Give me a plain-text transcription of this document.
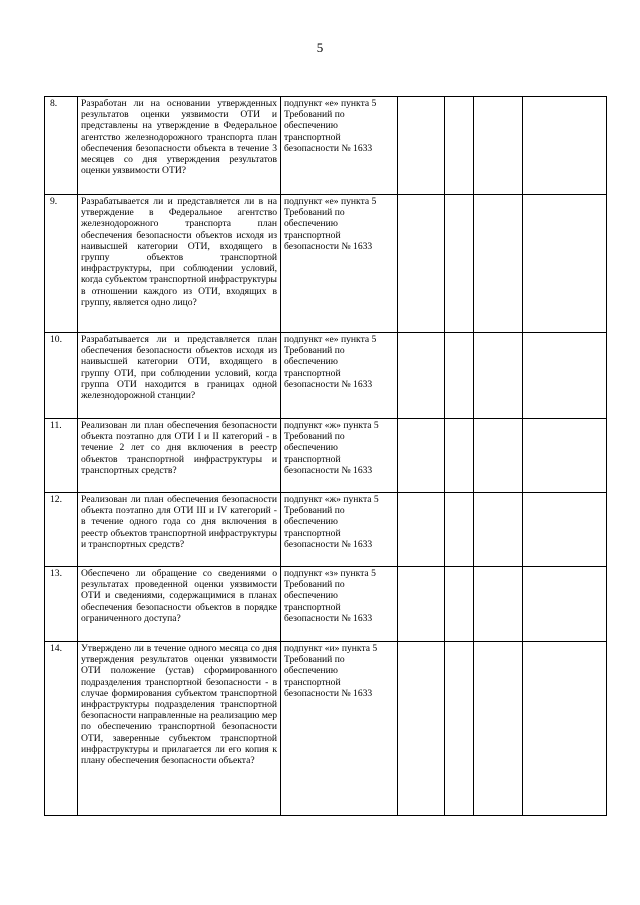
5
8.	Разработан ли на основании утвержденных результатов оценки уязвимости ОТИ и представлены на утверждение в Федеральное агентство железнодорожного транспорта план обеспечения безопасности объекта в течение 3 месяцев со дня утверждения результатов оценки уязвимости ОТИ?	подпункт «е» пункта 5 Требований по обеспечению транспортной безопасности № 1633				
9.	Разрабатывается ли и представляется ли в на утверждение в Федеральное агентство железнодорожного транспорта план обеспечения безопасности объектов исходя из наивысшей категории ОТИ, входящего в группу объектов транспортной инфраструктуры, при соблюдении условий, когда субъектом транспортной инфраструктуры в отношении каждого из ОТИ, входящих в группу, является одно лицо?	подпункт «е» пункта 5 Требований по обеспечению транспортной безопасности № 1633				
10.	Разрабатывается ли и представляется план обеспечения безопасности объектов исходя из наивысшей категории ОТИ, входящего в группу ОТИ, при соблюдении условий, когда группа ОТИ находится в границах одной железнодорожной станции?	подпункт «е» пункта 5 Требований по обеспечению транспортной безопасности № 1633				
11.	Реализован ли план обеспечения безопасности объекта поэтапно для ОТИ I и II категорий - в течение 2 лет со дня включения в реестр объектов транспортной инфраструктуры и транспортных средств?	подпункт «ж» пункта 5 Требований по обеспечению транспортной безопасности № 1633				
12.	Реализован ли план обеспечения безопасности объекта поэтапно для ОТИ III и IV категорий - в течение одного года со дня включения в реестр объектов транспортной инфраструктуры и транспортных средств?	подпункт «ж» пункта 5 Требований по обеспечению транспортной безопасности № 1633				
13.	Обеспечено ли обращение со сведениями о результатах проведенной оценки уязвимости ОТИ и сведениями, содержащимися в планах обеспечения безопасности объектов в порядке ограниченного доступа?	подпункт «з» пункта 5 Требований по обеспечению транспортной безопасности № 1633				
14.	Утверждено ли в течение одного месяца со дня утверждения результатов оценки уязвимости ОТИ положение (устав) сформированного подразделения транспортной безопасности - в случае формирования субъектом транспортной инфраструктуры подразделения транспортной безопасности направленные на реализацию мер по обеспечению транспортной безопасности ОТИ, заверенные субъектом транспортной инфраструктуры и прилагается ли его копия к плану обеспечения безопасности объекта?	подпункт «и» пункта 5 Требований по обеспечению транспортной безопасности № 1633				
